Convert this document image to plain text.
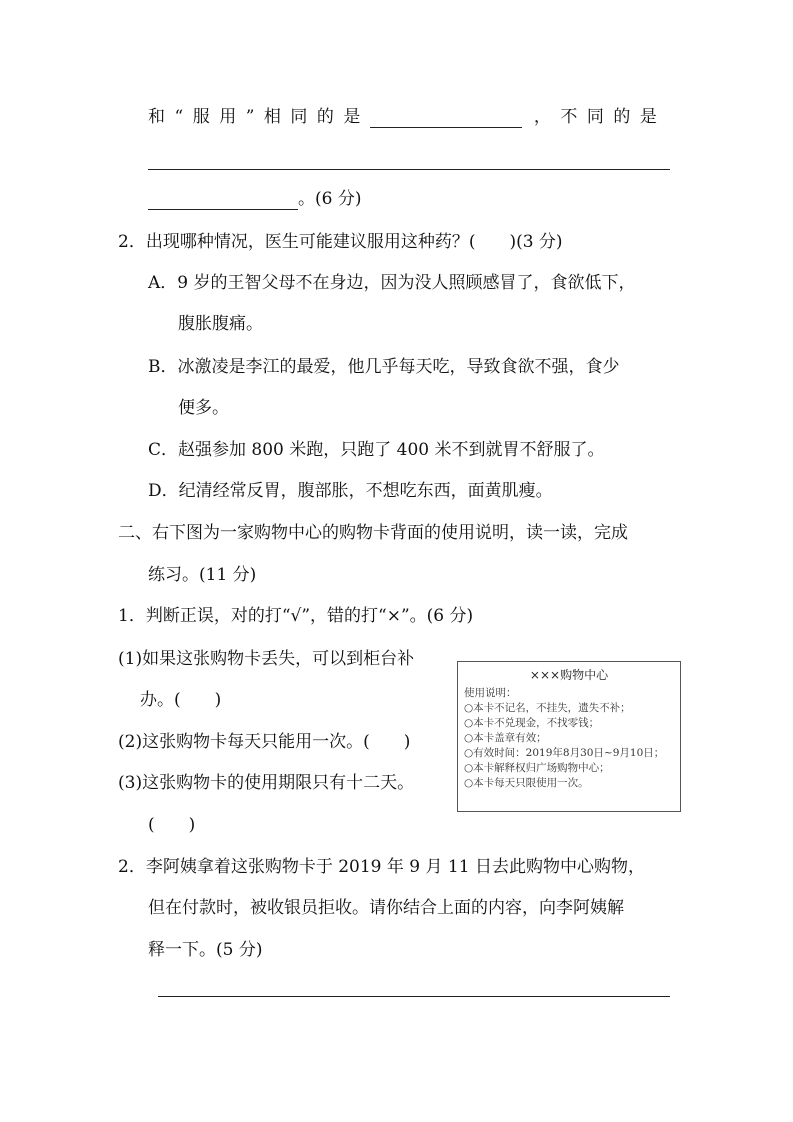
和“服用”相同的是	，不同的是
。(6 分)
2．出现哪种情况，医生可能建议服用这种药？(　　)(3 分)
A．9 岁的王智父母不在身边，因为没人照顾感冒了，食欲低下，
腹胀腹痛。
B．冰激凌是李江的最爱，他几乎每天吃，导致食欲不强，食少
便多。
C．赵强参加 800 米跑，只跑了 400 米不到就胃不舒服了。
D．纪清经常反胃，腹部胀，不想吃东西，面黄肌瘦。
二、右下图为一家购物中心的购物卡背面的使用说明，读一读，完成
练习。(11 分)
1．判断正误，对的打“√”，错的打“×”。(6 分)
(1)如果这张购物卡丢失，可以到柜台补
办。(　　)
(2)这张购物卡每天只能用一次。(　　)
(3)这张购物卡的使用期限只有十二天。
(　　)
×××购物中心
使用说明：
○本卡不记名，不挂失，遗失不补；
○本卡不兑现金，不找零钱；
○本卡盖章有效；
○有效时间：2019年8月30日~9月10日；
○本卡解释权归广场购物中心；
○本卡每天只限使用一次。
2．李阿姨拿着这张购物卡于 2019 年 9 月 11 日去此购物中心购物，
但在付款时，被收银员拒收。请你结合上面的内容，向李阿姨解
释一下。(5 分)
